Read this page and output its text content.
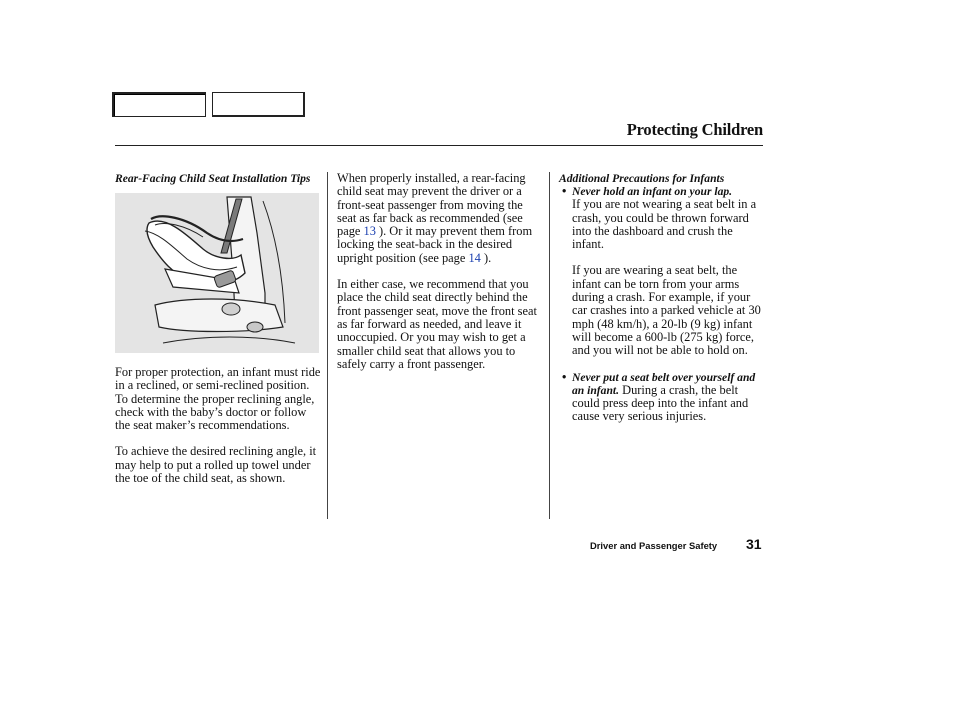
Protecting Children
Rear-Facing Child Seat Installation Tips

For proper protection, an infant must ride in a reclined, or semi-reclined position. To determine the proper reclining angle, check with the baby’s doctor or follow the seat maker’s recommendations.

To achieve the desired reclining angle, it may help to put a rolled up towel under the toe of the child seat, as shown.

When properly installed, a rear-facing child seat may prevent the driver or a front-seat passenger from moving the seat as far back as recommended (see page 13 ). Or it may prevent them from locking the seat-back in the desired upright position (see page 14 ).

In either case, we recommend that you place the child seat directly behind the front passenger seat, move the front seat as far forward as needed, and leave it unoccupied. Or you may wish to get a smaller child seat that allows you to safely carry a front passenger.

Additional Precautions for Infants
• Never hold an infant on your lap.

If you are not wearing a seat belt in a crash, you could be thrown forward into the dashboard and crush the infant.

If you are wearing a seat belt, the infant can be torn from your arms during a crash. For example, if your car crashes into a parked vehicle at 30 mph (48 km/h), a 20-lb (9 kg) infant will become a 600-lb (275 kg) force, and you will not be able to hold on.

• Never put a seat belt over yourself and an infant. During a crash, the belt could press deep into the infant and cause very serious injuries.

Driver and Passenger Safety 31
